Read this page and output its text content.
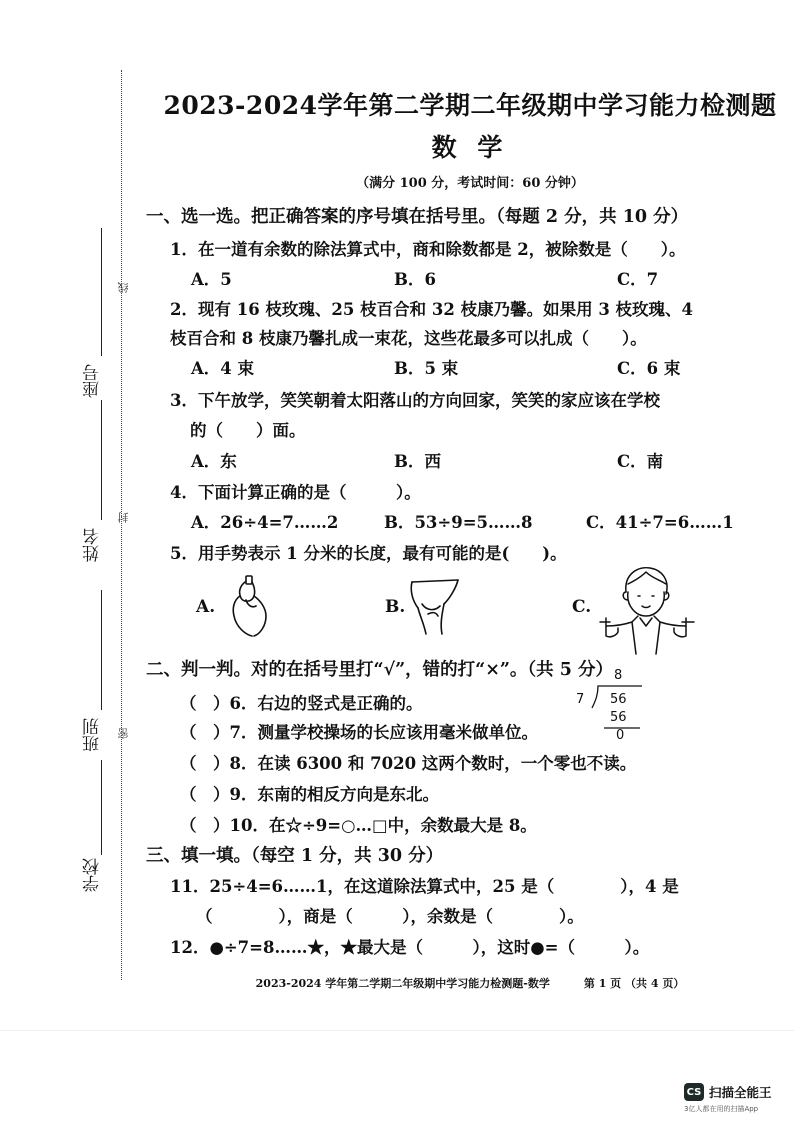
学校
班别
姓名
座号
密
封
线
2023-2024学年第二学期二年级期中学习能力检测题
数 学
（满分 100 分，考试时间：60 分钟）
一、选一选。把正确答案的序号填在括号里。（每题 2 分，共 10 分）
1．在一道有余数的除法算式中，商和除数都是 2，被除数是（　　）。
A．5	B．6	C．7
2．现有 16 枝玫瑰、25 枝百合和 32 枝康乃馨。如果用 3 枝玫瑰、4
枝百合和 8 枝康乃馨扎成一束花，这些花最多可以扎成（　　）。
A．4 束	B．5 束	C．6 束
3．下午放学，笑笑朝着太阳落山的方向回家，笑笑的家应该在学校
的（　　）面。
A．东	B．西	C．南
4．下面计算正确的是（　　　）。
A．26÷4=7……2	B．53÷9=5……8	C．41÷7=6……1
5．用手势表示 1 分米的长度，最有可能的是(　　)。
A.	B.	C.
二、判一判。对的在括号里打“√”，错的打“×”。（共 5 分）
（　）6．右边的竖式是正确的。
（　）7．测量学校操场的长应该用毫米做单位。
（　）8．在读 6300 和 7020 这两个数时，一个零也不读。
（　）9．东南的相反方向是东北。
（　）10．在☆÷9=○…□中，余数最大是 8。
8
7 56
56
0
三、填一填。（每空 1 分，共 30 分）
11．25÷4=6……1，在这道除法算式中，25 是（　　　　），4 是
（　　　　），商是（　　　），余数是（　　　　）。
12．●÷7=8……★，★最大是（　　　），这时●=（　　　）。
2023-2024 学年第二学期二年级期中学习能力检测题-数学	第 1 页 （共 4 页）
CS 扫描全能王
3亿人都在用的扫描App
